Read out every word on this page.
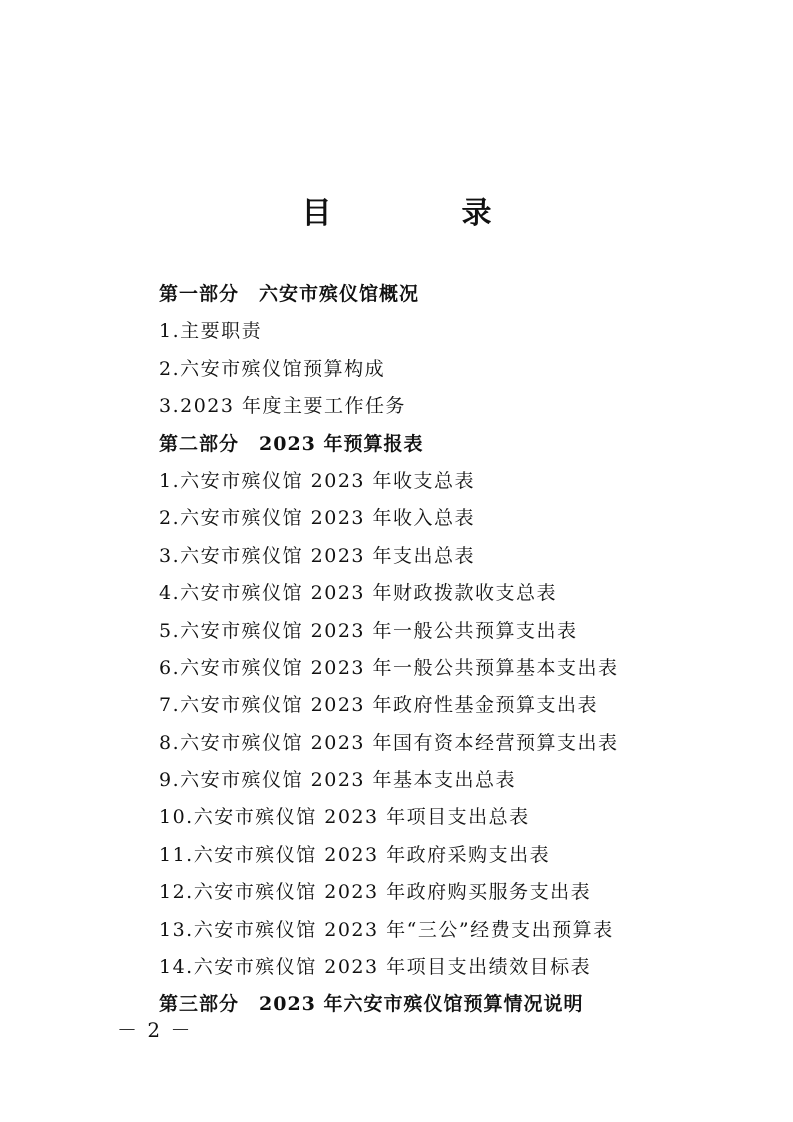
目　录
第一部分　六安市殡仪馆概况
1.主要职责
2.六安市殡仪馆预算构成
3.2023 年度主要工作任务
第二部分　2023 年预算报表
1.六安市殡仪馆 2023 年收支总表
2.六安市殡仪馆 2023 年收入总表
3.六安市殡仪馆 2023 年支出总表
4.六安市殡仪馆 2023 年财政拨款收支总表
5.六安市殡仪馆 2023 年一般公共预算支出表
6.六安市殡仪馆 2023 年一般公共预算基本支出表
7.六安市殡仪馆 2023 年政府性基金预算支出表
8.六安市殡仪馆 2023 年国有资本经营预算支出表
9.六安市殡仪馆 2023 年基本支出总表
10.六安市殡仪馆 2023 年项目支出总表
11.六安市殡仪馆 2023 年政府采购支出表
12.六安市殡仪馆 2023 年政府购买服务支出表
13.六安市殡仪馆 2023 年“三公”经费支出预算表
14.六安市殡仪馆 2023 年项目支出绩效目标表
第三部分　2023 年六安市殡仪馆预算情况说明
－ 2 －
